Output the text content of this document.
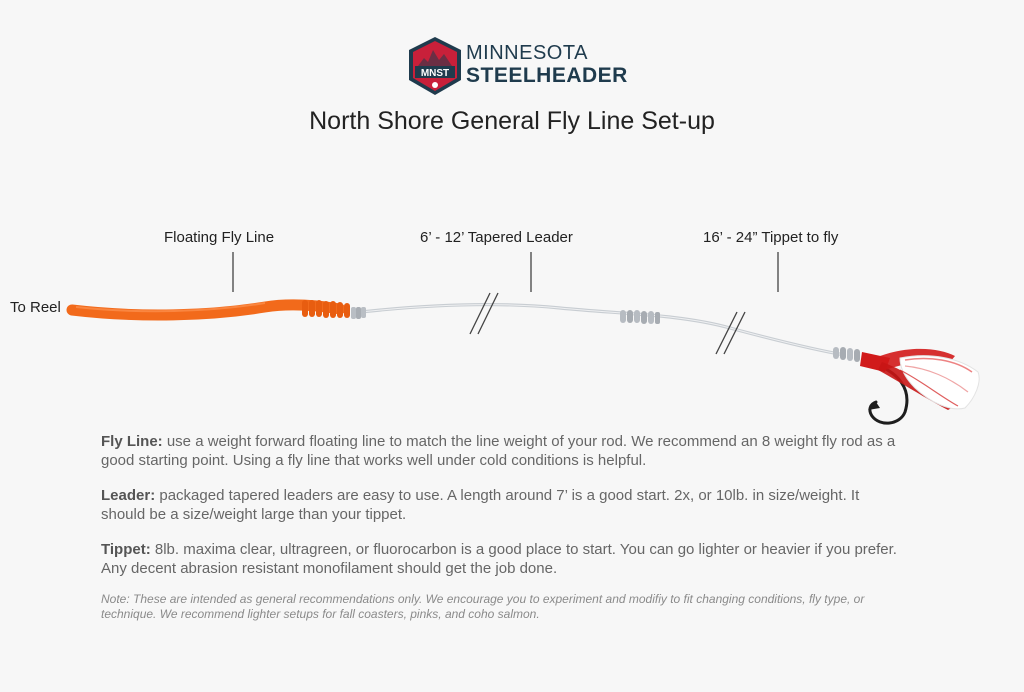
MNST
MINNESOTA
STEELHEADER
North Shore General Fly Line Set-up
To Reel
Floating Fly Line	6’ - 12’ Tapered Leader	16’ - 24” Tippet to fly

Fly Line: use a weight forward floating line to match the line weight of your rod. We recommend an 8 weight fly rod as a good starting point. Using a fly line that works well under cold conditions is helpful.

Leader: packaged tapered leaders are easy to use. A length around 7’ is a good start. 2x, or 10lb. in size/weight. It should be a size/weight large than your tippet.

Tippet: 8lb. maxima clear, ultragreen, or fluorocarbon is a good place to start. You can go lighter or heavier if you prefer. Any decent abrasion resistant monofilament should get the job done.

Note: These are intended as general recommendations only. We encourage you to experiment and modifiy to fit changing conditions, fly type, or technique. We recommend lighter setups for fall coasters, pinks, and coho salmon.
